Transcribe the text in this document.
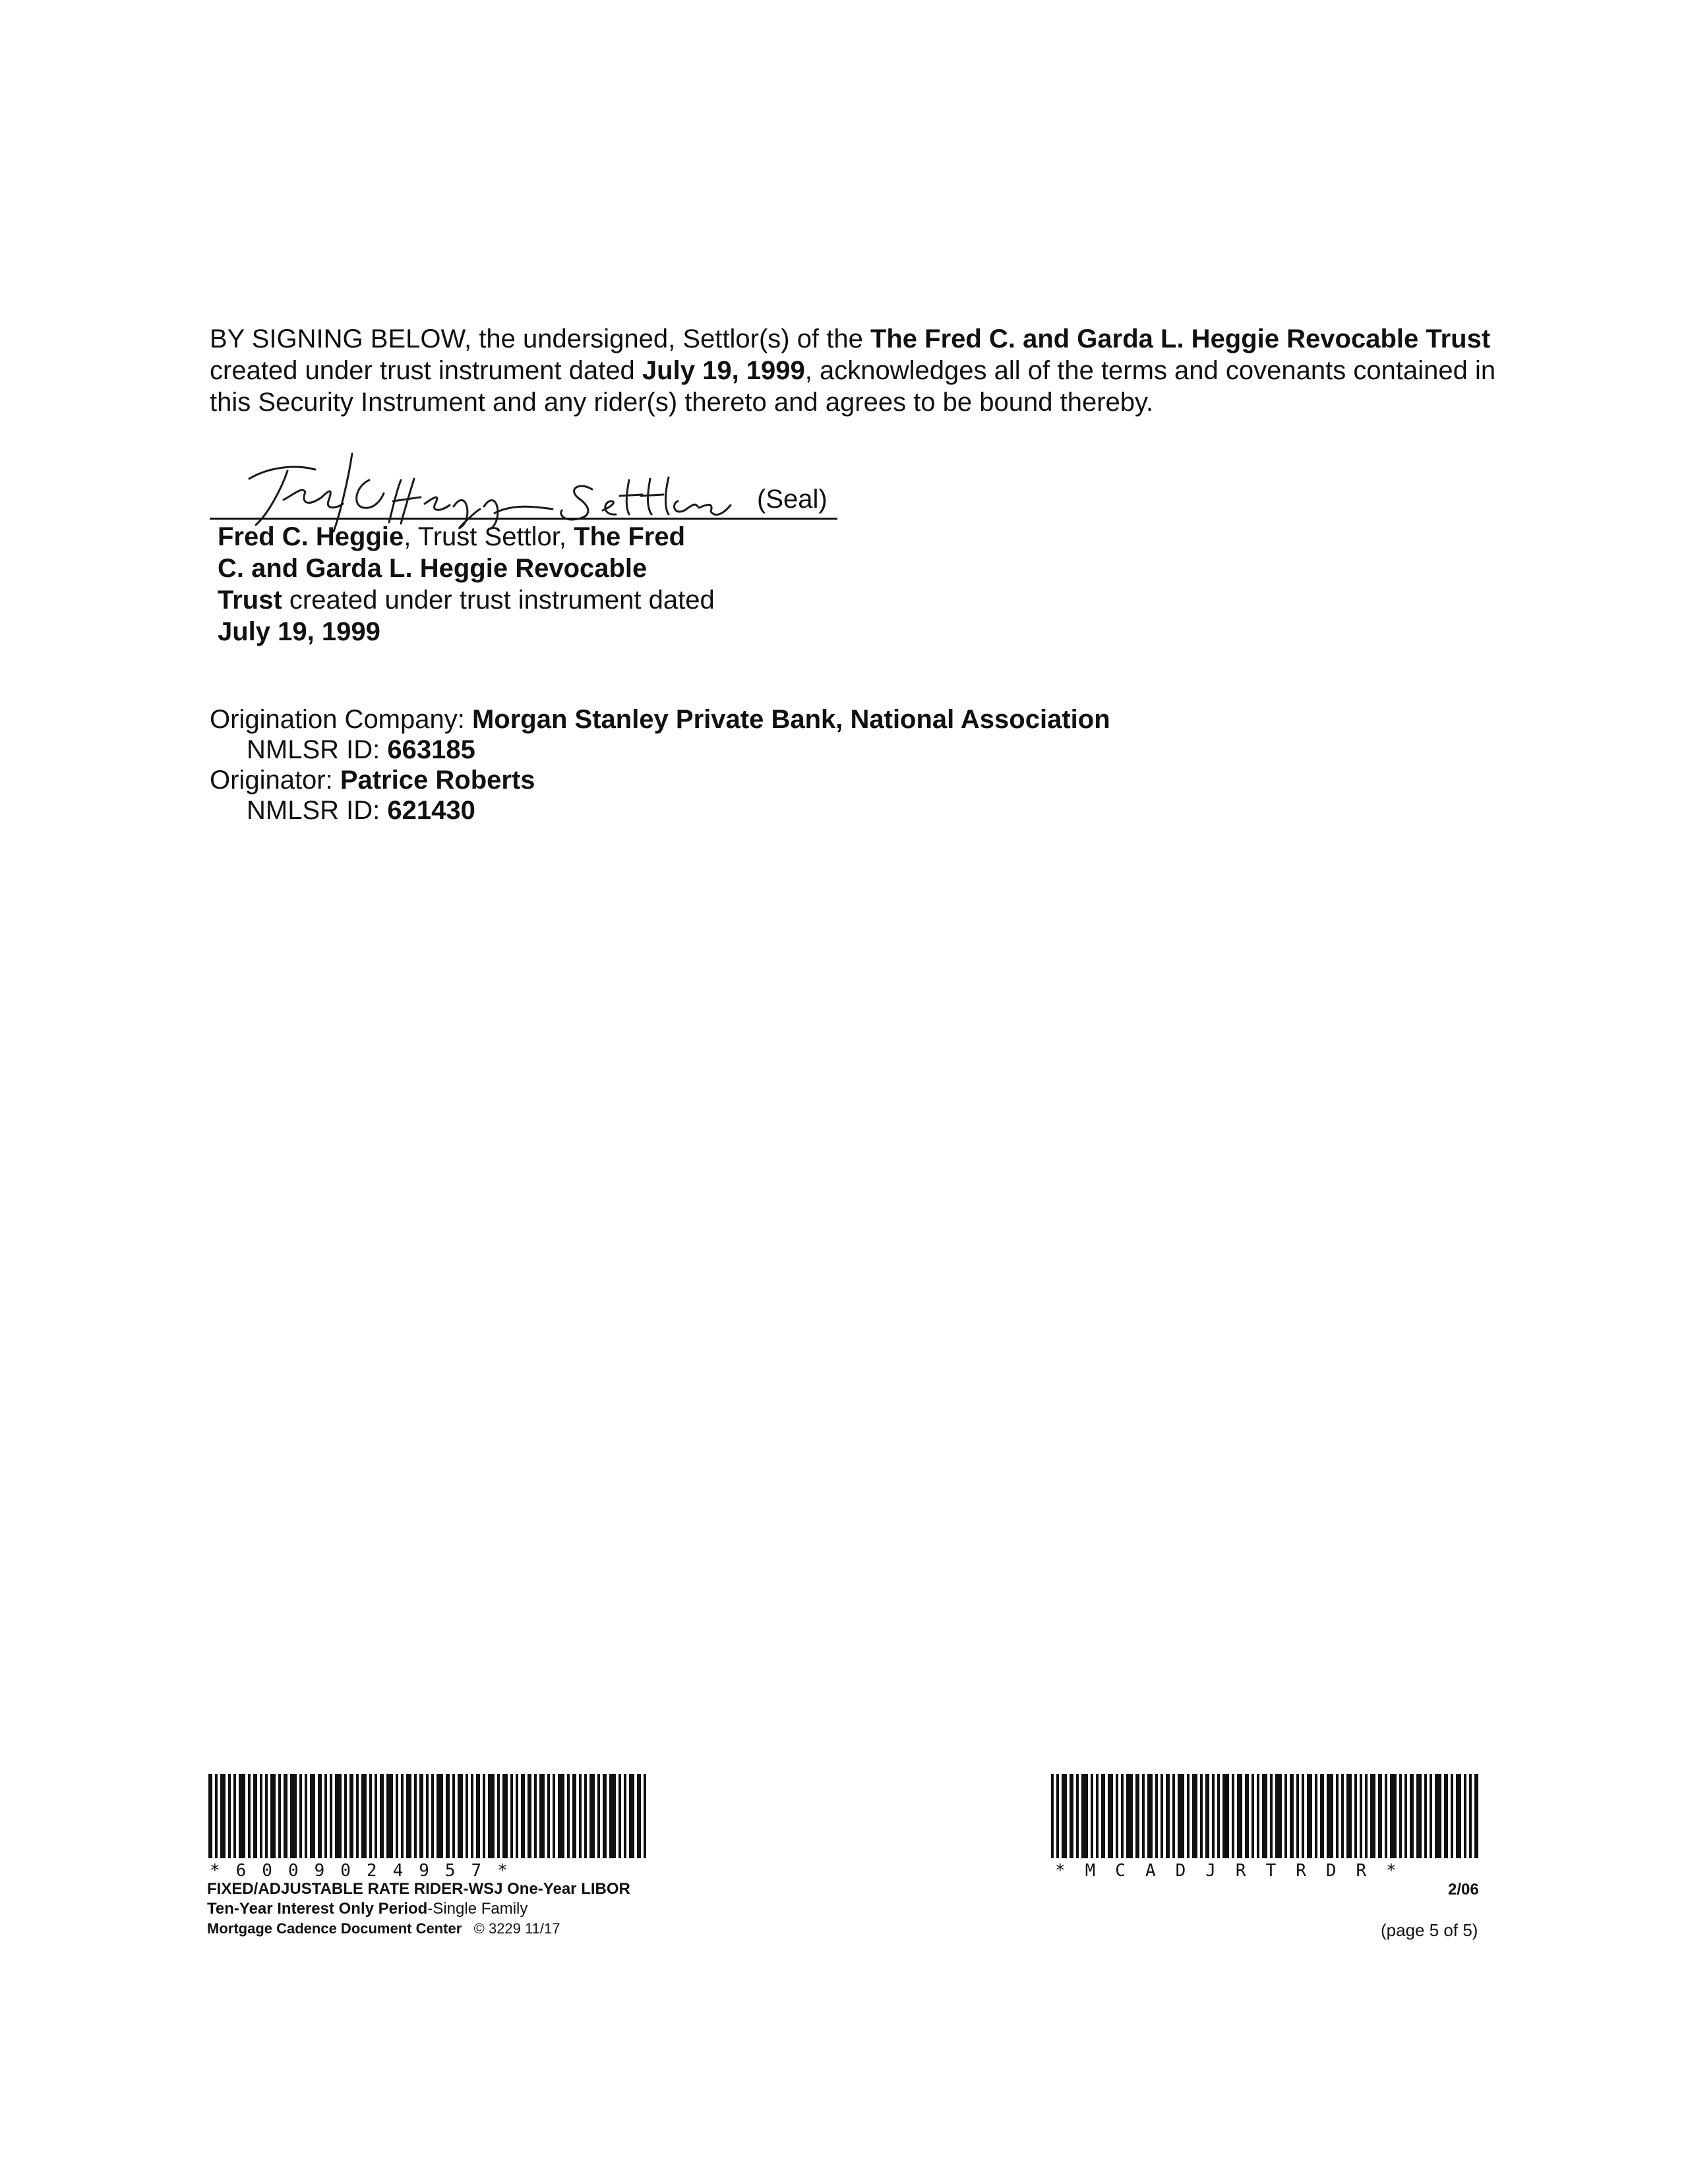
BY SIGNING BELOW, the undersigned, Settlor(s) of the The Fred C. and Garda L. Heggie Revocable Trust created under trust instrument dated July 19, 1999, acknowledges all of the terms and covenants contained in this Security Instrument and any rider(s) thereto and agrees to be bound thereby.
(Seal)
Fred C. Heggie, Trust Settlor, The Fred C. and Garda L. Heggie Revocable Trust created under trust instrument dated July 19, 1999
Origination Company: Morgan Stanley Private Bank, National Association
NMLSR ID: 663185
Originator: Patrice Roberts
NMLSR ID: 621430
*6009024957*	*MCADJRTRDR*
FIXED/ADJUSTABLE RATE RIDER-WSJ One-Year LIBOR
Ten-Year Interest Only Period-Single Family
Mortgage Cadence Document Center © 3229 11/17
2/06
(page 5 of 5)
